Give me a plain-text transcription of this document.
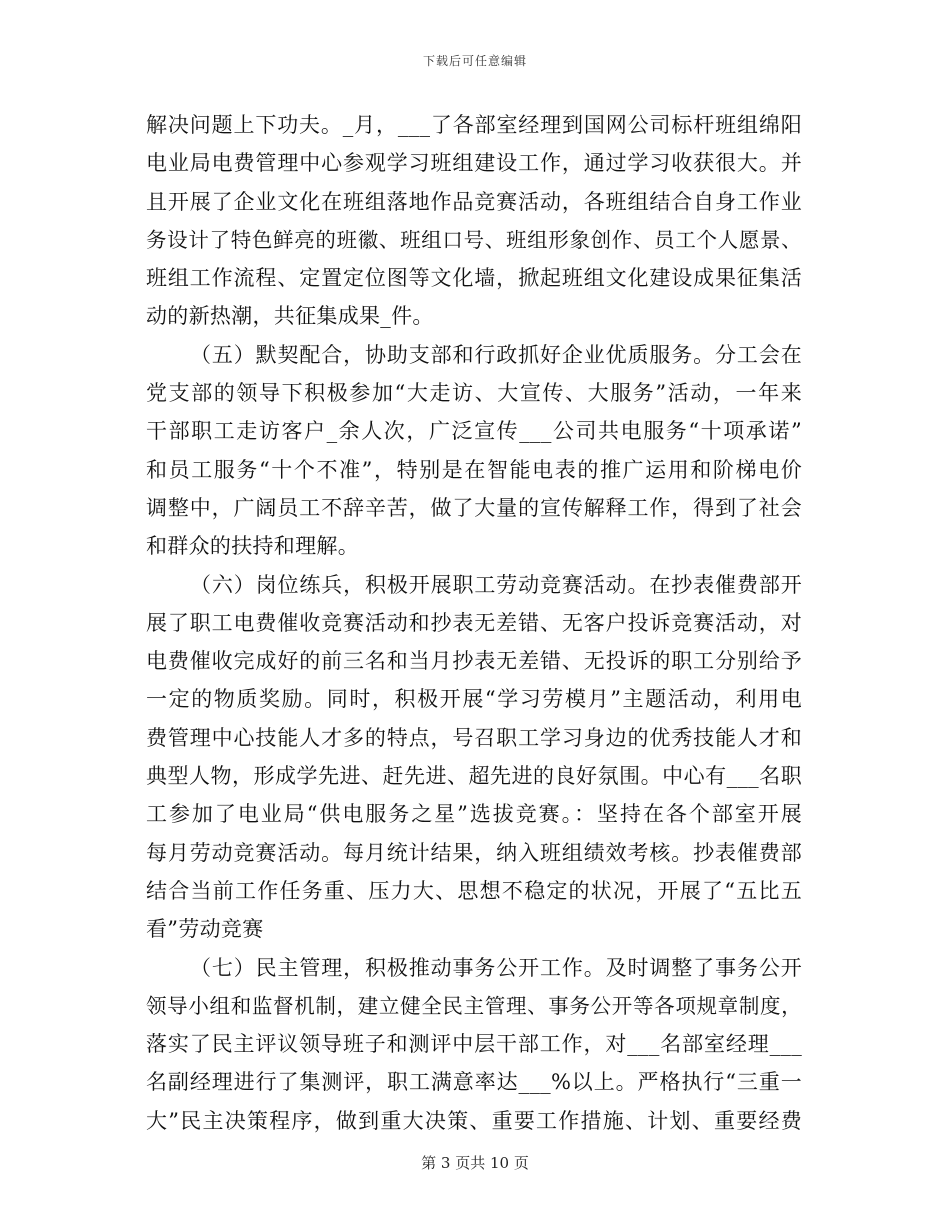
下载后可任意编辑
解决问题上下功夫。_月，___了各部室经理到国网公司标杆班组绵阳
电业局电费管理中心参观学习班组建设工作，通过学习收获很大。并
且开展了企业文化在班组落地作品竞赛活动，各班组结合自身工作业
务设计了特色鲜亮的班徽、班组口号、班组形象创作、员工个人愿景、
班组工作流程、定置定位图等文化墙，掀起班组文化建设成果征集活
动的新热潮，共征集成果_件。
（五）默契配合，协助支部和行政抓好企业优质服务。分工会在
党支部的领导下积极参加“大走访、大宣传、大服务”活动，一年来
干部职工走访客户_余人次，广泛宣传___公司共电服务“十项承诺”
和员工服务“十个不准”，特别是在智能电表的推广运用和阶梯电价
调整中，广阔员工不辞辛苦，做了大量的宣传解释工作，得到了社会
和群众的扶持和理解。
（六）岗位练兵，积极开展职工劳动竞赛活动。在抄表催费部开
展了职工电费催收竞赛活动和抄表无差错、无客户投诉竞赛活动，对
电费催收完成好的前三名和当月抄表无差错、无投诉的职工分别给予
一定的物质奖励。同时，积极开展“学习劳模月”主题活动，利用电
费管理中心技能人才多的特点，号召职工学习身边的优秀技能人才和
典型人物，形成学先进、赶先进、超先进的良好氛围。中心有___名职
工参加了电业局“供电服务之星”选拔竞赛。：坚持在各个部室开展
每月劳动竞赛活动。每月统计结果，纳入班组绩效考核。抄表催费部
结合当前工作任务重、压力大、思想不稳定的状况，开展了“五比五
看”劳动竞赛
（七）民主管理，积极推动事务公开工作。及时调整了事务公开
领导小组和监督机制，建立健全民主管理、事务公开等各项规章制度，
落实了民主评议领导班子和测评中层干部工作，对___名部室经理___
名副经理进行了集测评，职工满意率达___%以上。严格执行“三重一
大”民主决策程序，做到重大决策、重要工作措施、计划、重要经费
第 3 页共 10 页
